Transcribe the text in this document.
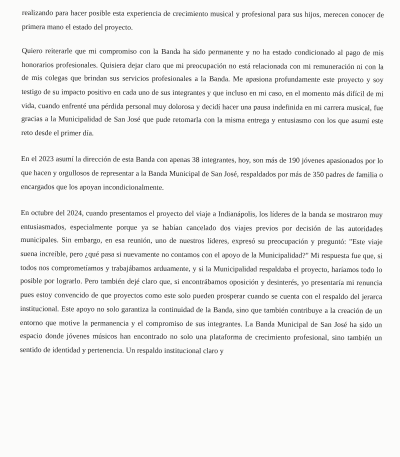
realizando para hacer posible esta experiencia de crecimiento musical y profesional para sus hijos, merecen conocer de primera mano el estado del proyecto.

Quiero reiterarle que mi compromiso con la Banda ha sido permanente y no ha estado condicionado al pago de mis honorarios profesionales. Quisiera dejar claro que mi preocupación no está relacionada con mi remuneración ni con la de mis colegas que brindan sus servicios profesionales a la Banda. Me apasiona profundamente este proyecto y soy testigo de su impacto positivo en cada uno de sus integrantes y que incluso en mi caso, en el momento más difícil de mi vida, cuando enfrenté una pérdida personal muy dolorosa y decidí hacer una pausa indefinida en mi carrera musical, fue gracias a la Municipalidad de San José que pude retomarla con la misma entrega y entusiasmo con los que asumí este reto desde el primer día.

En el 2023 asumí la dirección de esta Banda con apenas 38 integrantes, hoy, son más de 190 jóvenes apasionados por lo que hacen y orgullosos de representar a la Banda Municipal de San José, respaldados por más de 350 padres de familia o encargados que los apoyan incondicionalmente.

En octubre del 2024, cuando presentamos el proyecto del viaje a Indianápolis, los líderes de la banda se mostraron muy entusiasmados, especialmente porque ya se habían cancelado dos viajes previos por decisión de las autoridades municipales. Sin embargo, en esa reunión, uno de nuestros líderes, expresó su preocupación y preguntó: "Este viaje suena increíble, pero ¿qué pasa si nuevamente no contamos con el apoyo de la Municipalidad?" Mi respuesta fue que, si todos nos comprometíamos y trabajábamos arduamente, y si la Municipalidad respaldaba el proyecto, haríamos todo lo posible por lograrlo. Pero también dejé claro que, si encontrábamos oposición y desinterés, yo presentaría mi renuncia pues estoy convencido de que proyectos como este solo pueden prosperar cuando se cuenta con el respaldo del jerarca institucional. Este apoyo no solo garantiza la continuidad de la Banda, sino que también contribuye a la creación de un entorno que motive la permanencia y el compromiso de sus integrantes. La Banda Municipal de San José ha sido un espacio donde jóvenes músicos han encontrado no solo una plataforma de crecimiento profesional, sino también un sentido de identidad y pertenencia. Un respaldo institucional claro y
